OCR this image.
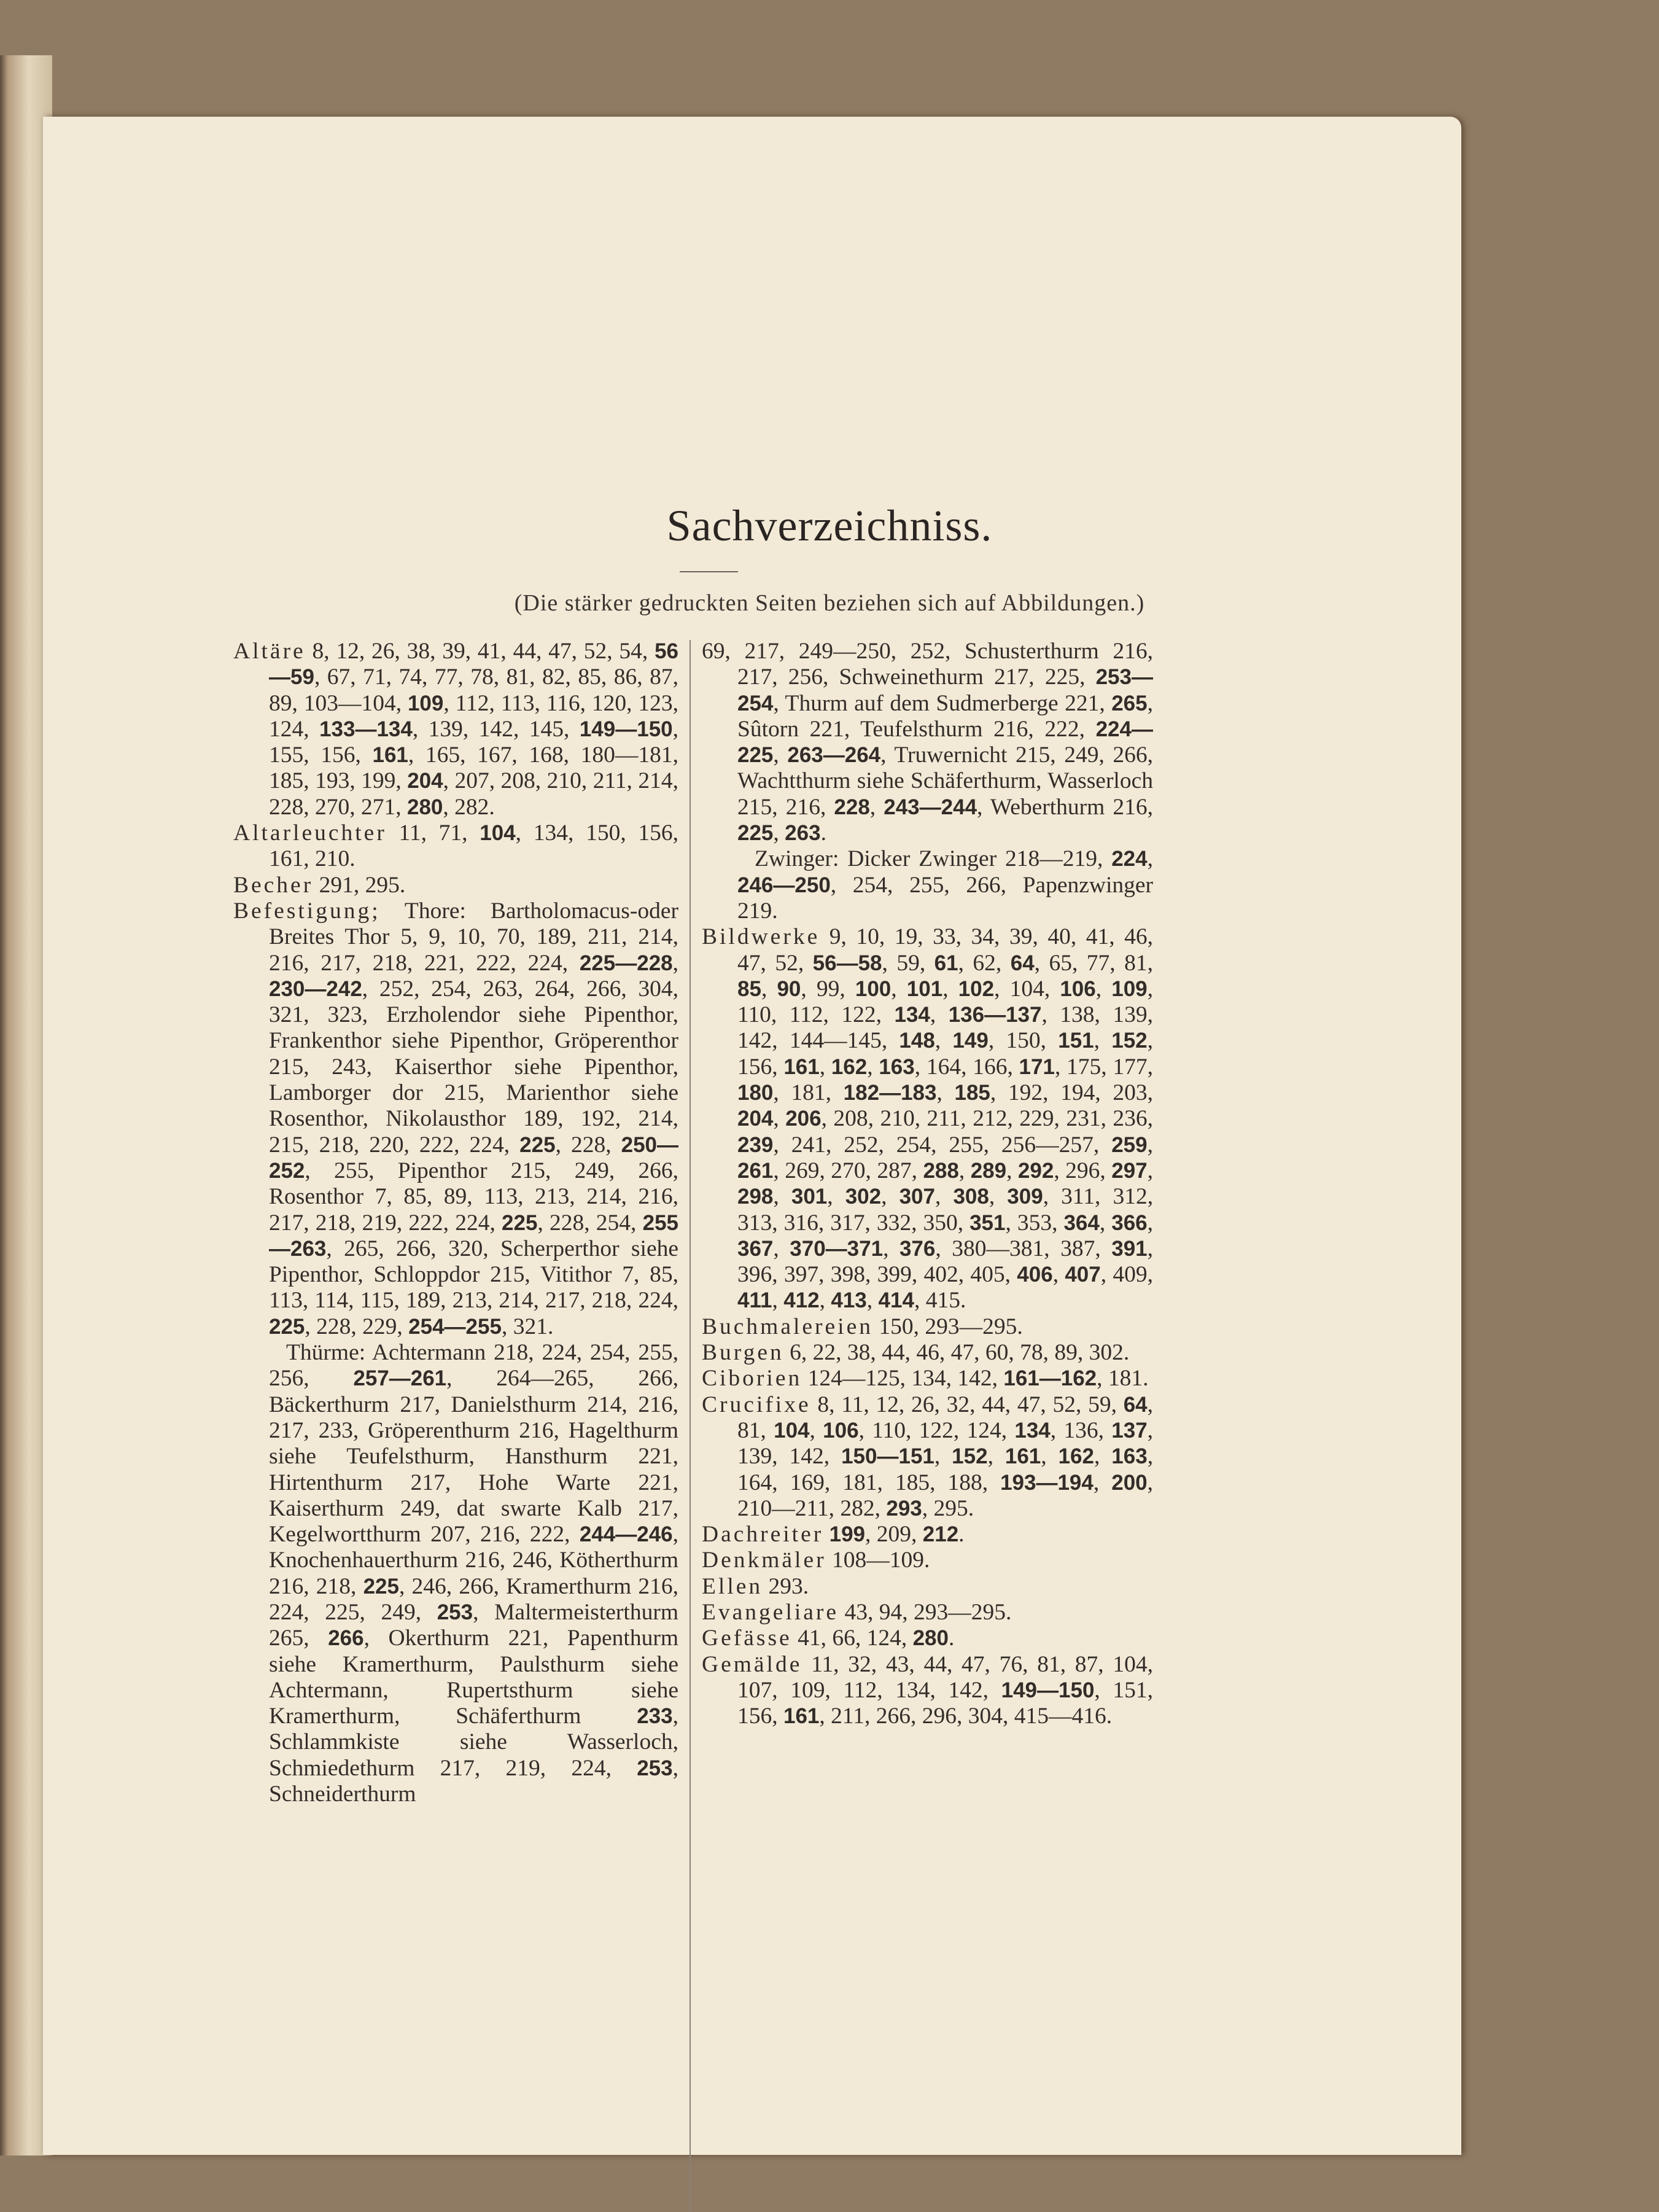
Sachverzeichniss.
(Die stärker gedruckten Seiten beziehen sich auf Abbildungen.)

Altäre 8, 12, 26, 38, 39, 41, 44, 47, 52, 54, 56—59, 67, 71, 74, 77, 78, 81, 82, 85, 86, 87, 89, 103—104, 109, 112, 113, 116, 120, 123, 124, 133—134, 139, 142, 145, 149—150, 155, 156, 161, 165, 167, 168, 180—181, 185, 193, 199, 204, 207, 208, 210, 211, 214, 228, 270, 271, 280, 282.

Altarleuchter 11, 71, 104, 134, 150, 156, 161, 210.

Becher 291, 295.

Befestigung; Thore: Bartholomacus-oder Breites Thor 5, 9, 10, 70, 189, 211, 214, 216, 217, 218, 221, 222, 224, 225—228, 230—242, 252, 254, 263, 264, 266, 304, 321, 323, Erzholendor siehe Pipenthor, Frankenthor siehe Pipenthor, Gröperenthor 215, 243, Kaiserthor siehe Pipenthor, Lamborger dor 215, Marienthor siehe Rosenthor, Nikolausthor 189, 192, 214, 215, 218, 220, 222, 224, 225, 228, 250—252, 255, Pipenthor 215, 249, 266, Rosenthor 7, 85, 89, 113, 213, 214, 216, 217, 218, 219, 222, 224, 225, 228, 254, 255—263, 265, 266, 320, Scherperthor siehe Pipenthor, Schloppdor 215, Vitithor 7, 85, 113, 114, 115, 189, 213, 214, 217, 218, 224, 225, 228, 229, 254—255, 321.

Thürme: Achtermann 218, 224, 254, 255, 256, 257—261, 264—265, 266, Bäckerthurm 217, Danielsthurm 214, 216, 217, 233, Gröperenthurm 216, Hagelthurm siehe Teufelsthurm, Hansthurm 221, Hirtenthurm 217, Hohe Warte 221, Kaiserthurm 249, dat swarte Kalb 217, Kegelwortthurm 207, 216, 222, 244—246, Knochenhauerthurm 216, 246, Kötherthurm 216, 218, 225, 246, 266, Kramerthurm 216, 224, 225, 249, 253, Maltermeisterthurm 265, 266, Okerthurm 221, Papenthurm siehe Kramerthurm, Paulsthurm siehe Achtermann, Rupertsthurm siehe Kramerthurm, Schäferthurm 233, Schlammkiste siehe Wasserloch, Schmiedethurm 217, 219, 224, 253, Schneiderthurm

69, 217, 249—250, 252, Schusterthurm 216, 217, 256, Schweinethurm 217, 225, 253—254, Thurm auf dem Sudmerberge 221, 265, Sûtorn 221, Teufelsthurm 216, 222, 224—225, 263—264, Truwernicht 215, 249, 266, Wachtthurm siehe Schäferthurm, Wasserloch 215, 216, 228, 243—244, Weberthurm 216, 225, 263.

Zwinger: Dicker Zwinger 218—219, 224, 246—250, 254, 255, 266, Papenzwinger 219.

Bildwerke 9, 10, 19, 33, 34, 39, 40, 41, 46, 47, 52, 56—58, 59, 61, 62, 64, 65, 77, 81, 85, 90, 99, 100, 101, 102, 104, 106, 109, 110, 112, 122, 134, 136—137, 138, 139, 142, 144—145, 148, 149, 150, 151, 152, 156, 161, 162, 163, 164, 166, 171, 175, 177, 180, 181, 182—183, 185, 192, 194, 203, 204, 206, 208, 210, 211, 212, 229, 231, 236, 239, 241, 252, 254, 255, 256—257, 259, 261, 269, 270, 287, 288, 289, 292, 296, 297, 298, 301, 302, 307, 308, 309, 311, 312, 313, 316, 317, 332, 350, 351, 353, 364, 366, 367, 370—371, 376, 380—381, 387, 391, 396, 397, 398, 399, 402, 405, 406, 407, 409, 411, 412, 413, 414, 415.

Buchmalereien 150, 293—295.

Burgen 6, 22, 38, 44, 46, 47, 60, 78, 89, 302.

Ciborien 124—125, 134, 142, 161—162, 181.

Crucifixe 8, 11, 12, 26, 32, 44, 47, 52, 59, 64, 81, 104, 106, 110, 122, 124, 134, 136, 137, 139, 142, 150—151, 152, 161, 162, 163, 164, 169, 181, 185, 188, 193—194, 200, 210—211, 282, 293, 295.

Dachreiter 199, 209, 212.

Denkmäler 108—109.

Ellen 293.

Evangeliare 43, 94, 293—295.

Gefässe 41, 66, 124, 280.

Gemälde 11, 32, 43, 44, 47, 76, 81, 87, 104, 107, 109, 112, 134, 142, 149—150, 151, 156, 161, 211, 266, 296, 304, 415—416.
